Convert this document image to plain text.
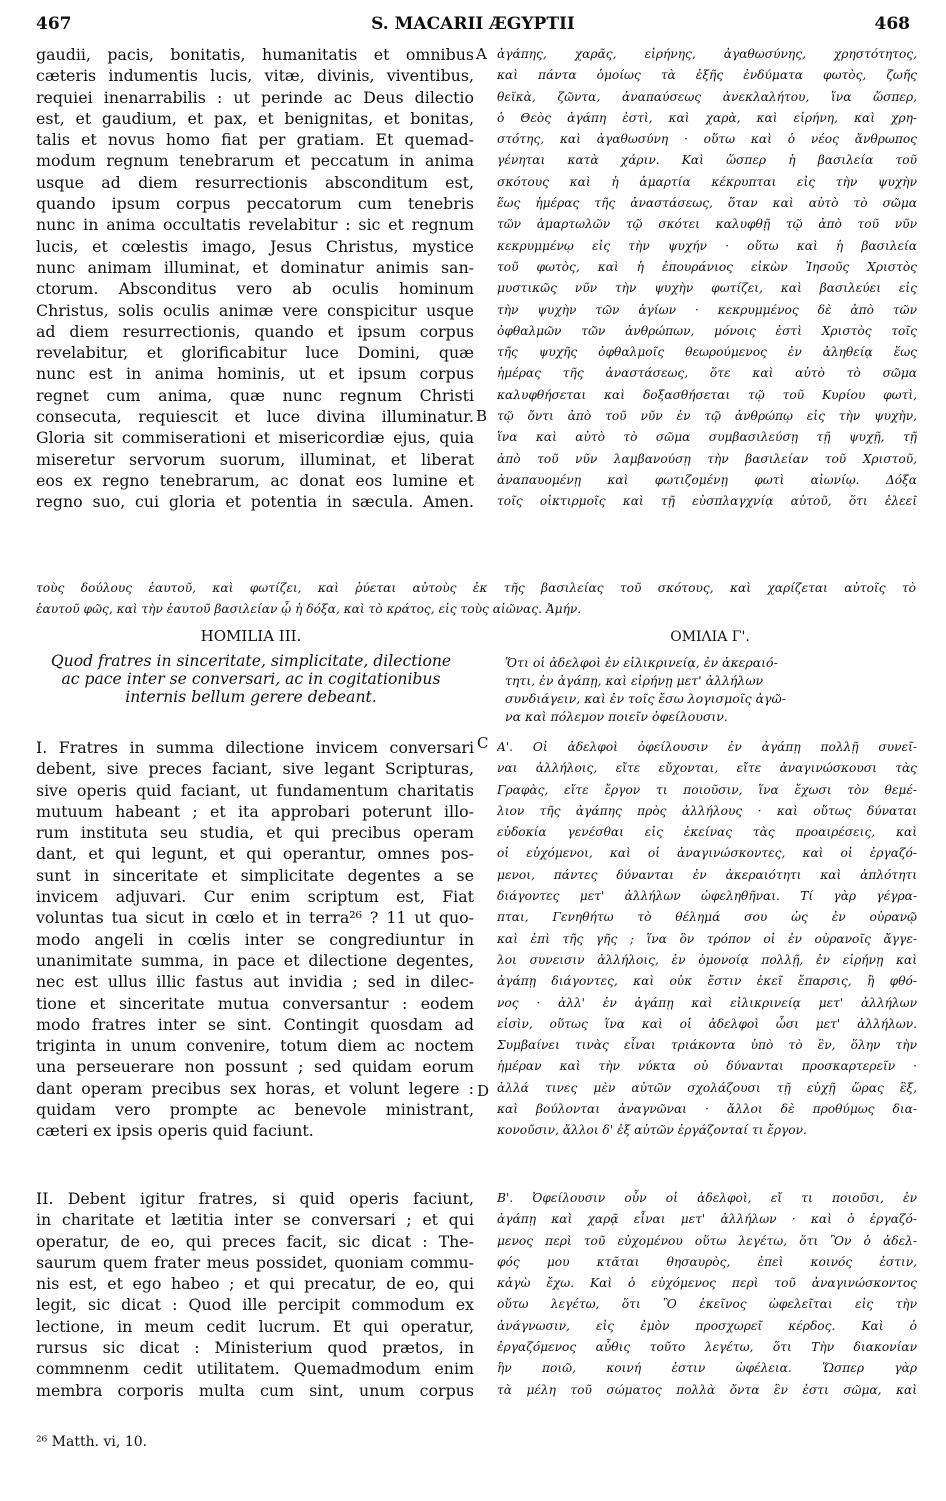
467	S. MACARII ÆGYPTII	468
gaudii, pacis, bonitatis, humanitatis et omnibus
cæteris indumentis lucis, vitæ, divinis, viventibus,
requiei inenarrabilis : ut perinde ac Deus dilectio
est, et gaudium, et pax, et benignitas, et bonitas,
talis et novus homo fiat per gratiam. Et quemad-
modum regnum tenebrarum et peccatum in anima
usque ad diem resurrectionis absconditum est,
quando ipsum corpus peccatorum cum tenebris
nunc in anima occultatis revelabitur : sic et regnum
lucis, et cœlestis imago, Jesus Christus, mystice
nunc animam illuminat, et dominatur animis san-
ctorum. Absconditus vero ab oculis hominum
Christus, solis oculis animæ vere conspicitur usque
ad diem resurrectionis, quando et ipsum corpus
revelabitur, et glorificabitur luce Domini, quæ
nunc est in anima hominis, ut et ipsum corpus
regnet cum anima, quæ nunc regnum Christi
consecuta, requiescit et luce divina illuminatur.
Gloria sit commiserationi et misericordiæ ejus, quia
miseretur servorum suorum, illuminat, et liberat
eos ex regno tenebrarum, ac donat eos lumine et
regno suo, cui gloria et potentia in sæcula. Amen.
ἀγάπης, χαρᾶς, εἰρήνης, ἀγαθωσύνης, χρηστότητος,
καὶ πάντα ὁμοίως τὰ ἐξῆς ἐνδύματα φωτὸς, ζωῆς
θεϊκὰ, ζῶντα, ἀναπαύσεως ἀνεκλαλήτου, ἵνα ὥσπερ,
ὁ Θεὸς ἀγάπη ἐστὶ, καὶ χαρὰ, καὶ εἰρήνη, καὶ χρη-
στότης, καὶ ἀγαθωσύνη · οὕτω καὶ ὁ νέος ἄνθρωπος
γένηται κατὰ χάριν. Καὶ ὥσπερ ἡ βασιλεία τοῦ
σκότους καὶ ἡ ἁμαρτία κέκρυπται εἰς τὴν ψυχὴν
ἕως ἡμέρας τῆς ἀναστάσεως, ὅταν καὶ αὐτὸ τὸ σῶμα
τῶν ἁμαρτωλῶν τῷ σκότει καλυφθῇ τῷ ἀπὸ τοῦ νῦν
κεκρυμμένῳ εἰς τὴν ψυχήν · οὕτω καὶ ἡ βασιλεία
τοῦ φωτὸς, καὶ ἡ ἐπουράνιος εἰκὼν Ἰησοῦς Χριστὸς
μυστικῶς νῦν τὴν ψυχὴν φωτίζει, καὶ βασιλεύει εἰς
τὴν ψυχὴν τῶν ἁγίων · κεκρυμμένος δὲ ἀπὸ τῶν
ὀφθαλμῶν τῶν ἀνθρώπων, μόνοις ἐστὶ Χριστὸς τοῖς
τῆς ψυχῆς ὀφθαλμοῖς θεωρούμενος ἐν ἀληθείᾳ ἕως
ἡμέρας τῆς ἀναστάσεως, ὅτε καὶ αὐτὸ τὸ σῶμα
καλυφθήσεται καὶ δοξασθήσεται τῷ τοῦ Κυρίου φωτὶ,
τῷ ὄντι ἀπὸ τοῦ νῦν ἐν τῷ ἀνθρώπῳ εἰς τὴν ψυχὴν,
ἵνα καὶ αὐτὸ τὸ σῶμα συμβασιλεύσῃ τῇ ψυχῇ, τῇ
ἀπὸ τοῦ νῦν λαμβανούσῃ τὴν βασιλείαν τοῦ Χριστοῦ,
ἀναπαυομένῃ καὶ φωτιζομένῃ φωτὶ αἰωνίῳ. Δόξα
τοῖς οἰκτιρμοῖς καὶ τῇ εὐσπλαγχνίᾳ αὐτοῦ, ὅτι ἐλεεῖ
A
B
C
D
τοὺς δούλους ἑαυτοῦ, καὶ φωτίζει, καὶ ῥύεται αὐτοὺς ἐκ τῆς βασιλείας τοῦ σκότους, καὶ χαρίζεται αὐτοῖς τὸ
ἑαυτοῦ φῶς, καὶ τὴν ἑαυτοῦ βασιλείαν ᾧ ἡ δόξα, καὶ τὸ κράτος, εἰς τοὺς αἰῶνας. Ἀμήν.
HOMILIA III.	ΟΜΙΛΙΑ Γ'.
Quod fratres in sinceritate, simplicitate, dilectione
ac pace inter se conversari, ac in cogitationibus
internis bellum gerere debeant.
Ὅτι οἱ ἀδελφοὶ ἐν εἰλικρινείᾳ, ἐν ἀκεραιό-
τητι, ἐν ἀγάπῃ, καὶ εἰρήνῃ μετ' ἀλλήλων
συνδιάγειν, καὶ ἐν τοῖς ἔσω λογισμοῖς ἀγῶ-
να καὶ πόλεμον ποιεῖν ὀφείλουσιν.
I. Fratres in summa dilectione invicem conversari
debent, sive preces faciant, sive legant Scripturas,
sive operis quid faciant, ut fundamentum charitatis
mutuum habeant ; et ita approbari poterunt illo-
rum instituta seu studia, et qui precibus operam
dant, et qui legunt, et qui operantur, omnes pos-
sunt in sinceritate et simplicitate degentes a se
invicem adjuvari. Cur enim scriptum est, Fiat
voluntas tua sicut in cœlo et in terra²⁶ ? 11 ut quo-
modo angeli in cœlis inter se congrediuntur in
unanimitate summa, in pace et dilectione degentes,
nec est ullus illic fastus aut invidia ; sed in dilec-
tione et sinceritate mutua conversantur : eodem
modo fratres inter se sint. Contingit quosdam ad
triginta in unum convenire, totum diem ac noctem
una perseuerare non possunt ; sed quidam eorum
dant operam precibus sex horas, et volunt legere :
quidam vero prompte ac benevole ministrant,
cæteri ex ipsis operis quid faciunt.
Α'. Οἱ ἀδελφοὶ ὀφείλουσιν ἐν ἀγάπῃ πολλῇ συνεῖ-
ναι ἀλλήλοις, εἴτε εὔχονται, εἴτε ἀναγινώσκουσι τὰς
Γραφὰς, εἴτε ἔργον τι ποιοῦσιν, ἵνα ἔχωσι τὸν θεμέ-
λιον τῆς ἀγάπης πρὸς ἀλλήλους · καὶ οὕτως δύναται
εὐδοκία γενέσθαι εἰς ἐκείνας τὰς προαιρέσεις, καὶ
οἱ εὐχόμενοι, καὶ οἱ ἀναγινώσκοντες, καὶ οἱ ἐργαζό-
μενοι, πάντες δύνανται ἐν ἀκεραιότητι καὶ ἁπλότητι
διάγοντες μετ' ἀλλήλων ὠφεληθῆναι. Τί γὰρ γέγρα-
πται, Γενηθήτω τὸ θέλημά σου ὡς ἐν οὐρανῷ
καὶ ἐπὶ τῆς γῆς ; ἵνα ὃν τρόπον οἱ ἐν οὐρανοῖς ἄγγε-
λοι συνεισιν ἀλλήλοις, ἐν ὁμονοίᾳ πολλῇ, ἐν εἰρήνῃ καὶ
ἀγάπῃ διάγοντες, καὶ οὐκ ἔστιν ἐκεῖ ἔπαρσις, ἢ φθό-
νος · ἀλλ' ἐν ἀγάπῃ καὶ εἰλικρινείᾳ μετ' ἀλλήλων
εἰσὶν, οὕτως ἵνα καὶ οἱ ἀδελφοὶ ὦσι μετ' ἀλλήλων.
Συμβαίνει τινὰς εἶναι τριάκοντα ὑπὸ τὸ ἓν, ὅλην τὴν
ἡμέραν καὶ τὴν νύκτα οὐ δύνανται προσκαρτερεῖν ·
ἀλλά τινες μὲν αὐτῶν σχολάζουσι τῇ εὐχῇ ὥρας ἓξ,
καὶ βούλονται ἀναγνῶναι · ἄλλοι δὲ προθύμως δια-
κονοῦσιν, ἄλλοι δ' ἐξ αὐτῶν ἐργάζονταί τι ἔργον.
II. Debent igitur fratres, si quid operis faciunt,
in charitate et lætitia inter se conversari ; et qui
operatur, de eo, qui preces facit, sic dicat : The-
saurum quem frater meus possidet, quoniam commu-
nis est, et ego habeo ; et qui precatur, de eo, qui
legit, sic dicat : Quod ille percipit commodum ex
lectione, in meum cedit lucrum. Et qui operatur,
rursus sic dicat : Ministerium quod prætos, in
commnenm cedit utilitatem. Quemadmodum enim
membra corporis multa cum sint, unum corpus
Β'. Ὀφείλουσιν οὖν οἱ ἀδελφοὶ, εἴ τι ποιοῦσι, ἐν
ἀγάπῃ καὶ χαρᾷ εἶναι μετ' ἀλλήλων · καὶ ὁ ἐργαζό-
μενος περὶ τοῦ εὐχομένου οὕτω λεγέτω, ὅτι Ὃν ὁ ἀδελ-
φός μου κτᾶται θησαυρὸς, ἐπεὶ κοινός ἐστιν,
κἀγὼ ἔχω. Καὶ ὁ εὐχόμενος περὶ τοῦ ἀναγινώσκοντος
οὕτω λεγέτω, ὅτι Ὃ ἐκεῖνος ὠφελεῖται εἰς τὴν
ἀνάγνωσιν, εἰς ἐμὸν προσχωρεῖ κέρδος. Καὶ ὁ
ἐργαζόμενος αὖθις τοῦτο λεγέτω, ὅτι Τὴν διακονίαν
ἣν ποιῶ, κοινή ἐστιν ὠφέλεια. Ὥσπερ γὰρ
τὰ μέλη τοῦ σώματος πολλὰ ὄντα ἓν ἐστι σῶμα, καὶ
²⁶ Matth. vi, 10.
